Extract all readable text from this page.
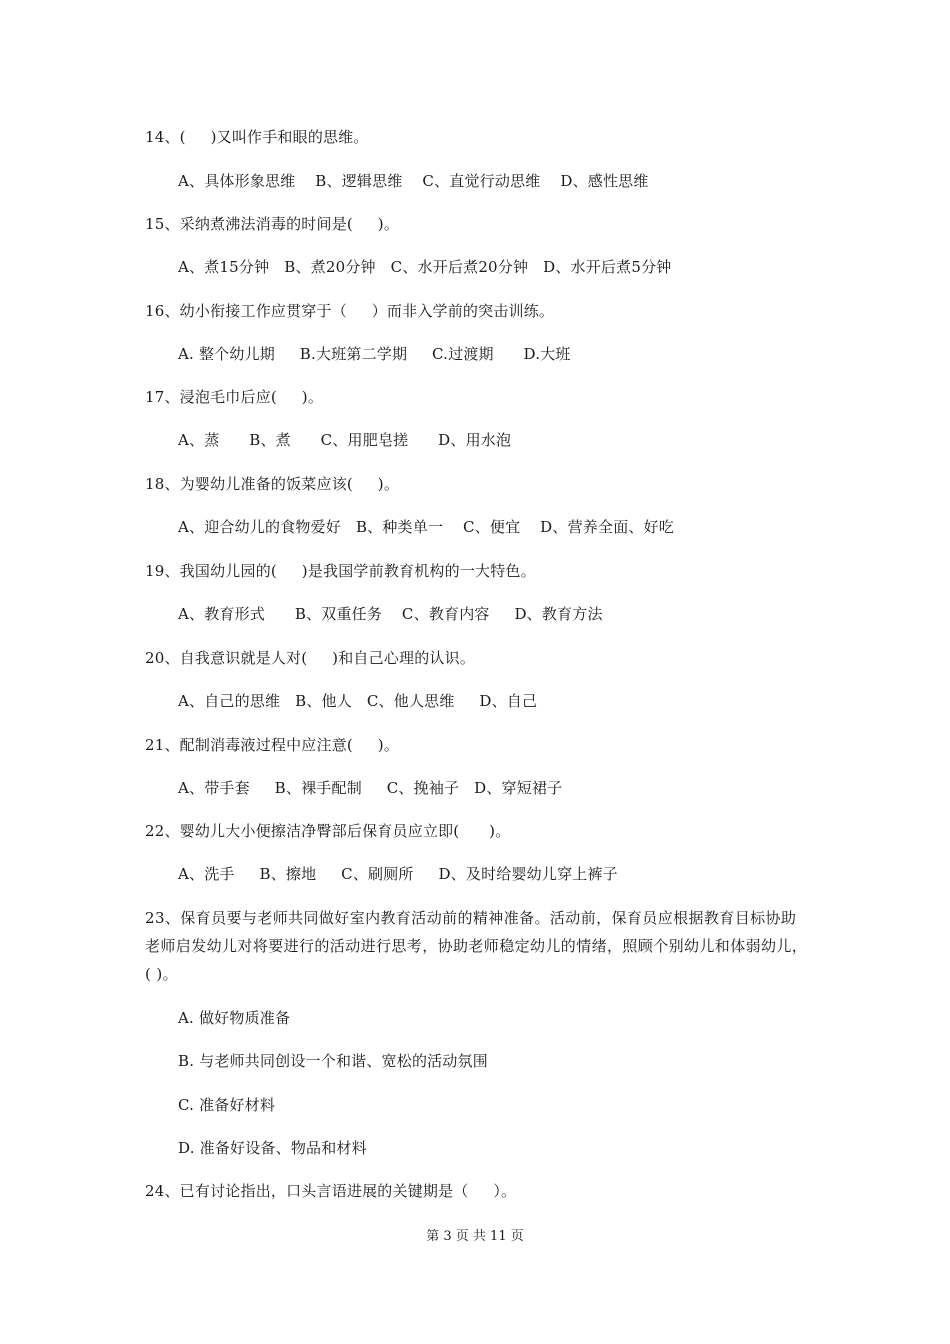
14、(     )又叫作手和眼的思维。
A、具体形象思维    B、逻辑思维    C、直觉行动思维    D、感性思维
15、采纳煮沸法消毒的时间是(     )。
A、煮15分钟   B、煮20分钟   C、水开后煮20分钟   D、水开后煮5分钟
16、幼小衔接工作应贯穿于（     ）而非入学前的突击训练。
A. 整个幼儿期     B.大班第二学期     C.过渡期      D.大班
17、浸泡毛巾后应(     )。
A、蒸      B、煮      C、用肥皂搓      D、用水泡
18、为婴幼儿准备的饭菜应该(     )。
A、迎合幼儿的食物爱好   B、种类单一    C、便宜    D、营养全面、好吃
19、我国幼儿园的(     )是我国学前教育机构的一大特色。
A、教育形式      B、双重任务    C、教育内容     D、教育方法
20、自我意识就是人对(     )和自己心理的认识。
A、自己的思维   B、他人   C、他人思维     D、自己
21、配制消毒液过程中应注意(     )。
A、带手套     B、裸手配制     C、挽袖子   D、穿短裙子
22、婴幼儿大小便擦洁净臀部后保育员应立即(      )。
A、洗手     B、擦地     C、刷厕所     D、及时给婴幼儿穿上裤子
23、保育员要与老师共同做好室内教育活动前的精神准备。活动前，保育员应根据教育目标协助老师启发幼儿对将要进行的活动进行思考，协助老师稳定幼儿的情绪，照顾个别幼儿和体弱幼儿，( )。
A. 做好物质准备
B. 与老师共同创设一个和谐、宽松的活动氛围
C. 准备好材料
D. 准备好设备、物品和材料
24、已有讨论指出，口头言语进展的关键期是（     ）。
第 3 页 共 11 页
